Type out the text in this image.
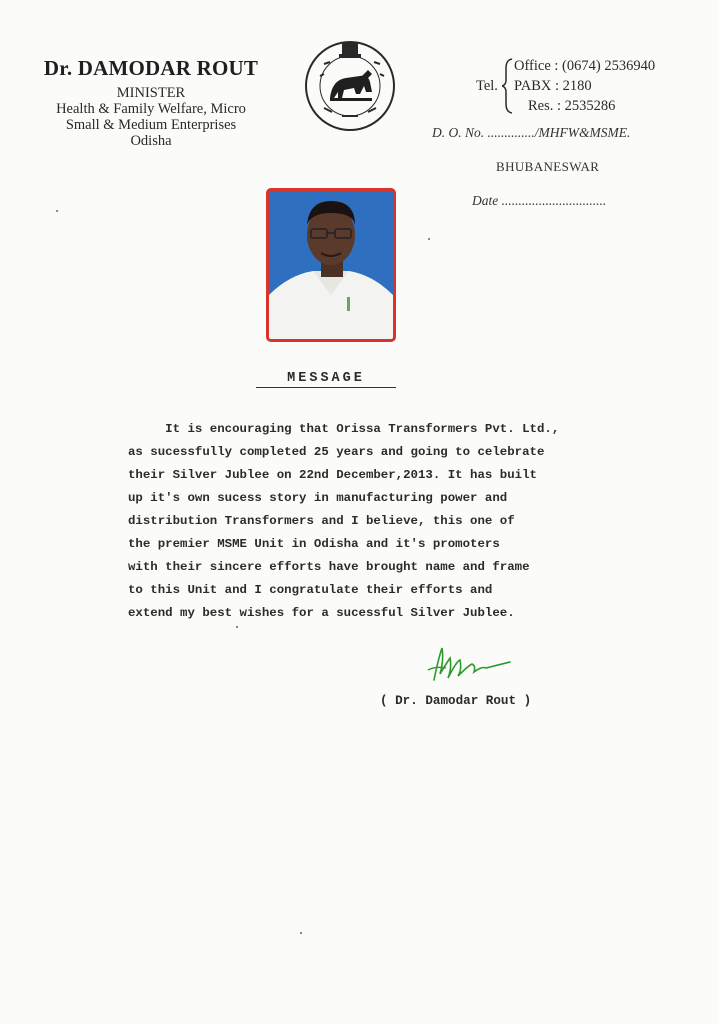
Dr. DAMODAR ROUT
MINISTER
Health & Family Welfare, Micro
Small & Medium Enterprises
Odisha
Tel.
Office : (0674) 2536940
PABX : 2180
Res. : 2535286
D. O. No. ............../MHFW&MSME.
BHUBANESWAR
Date ...............................
MESSAGE
It is encouraging that Orissa Transformers Pvt. Ltd.,
as sucessfully completed 25 years and going to celebrate
their Silver Jublee on 22nd December,2013. It has built
up it's own sucess story in manufacturing power and
distribution Transformers and I believe, this one of
the premier MSME Unit in Odisha and it's promoters
with their sincere efforts have brought name and frame
to this Unit and I congratulate their efforts and
extend my best wishes for a sucessful Silver Jublee.
( Dr. Damodar Rout )
